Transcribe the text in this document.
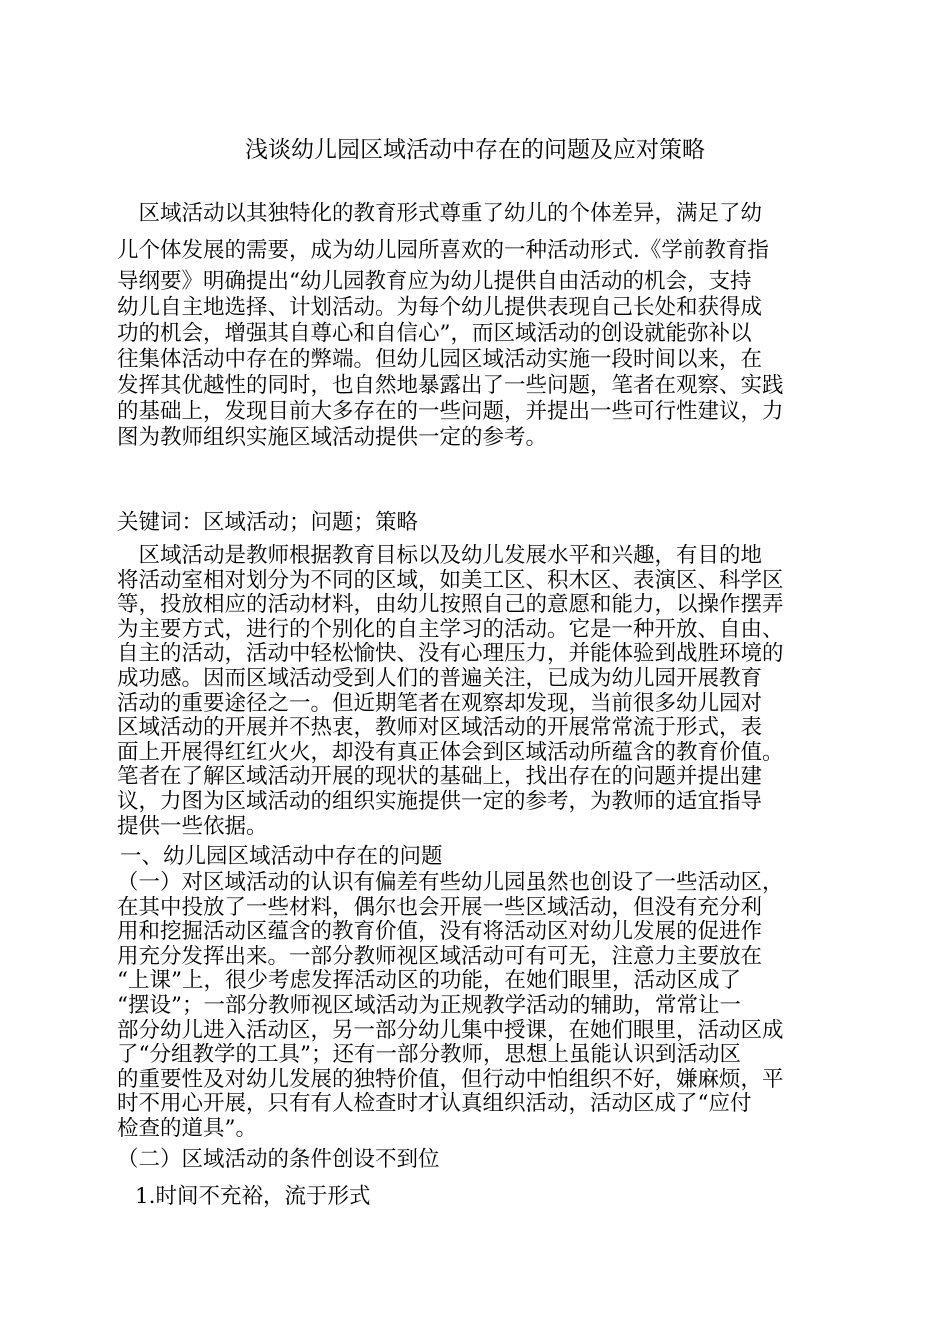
浅谈幼儿园区域活动中存在的问题及应对策略
　区域活动以其独特化的教育形式尊重了幼儿的个体差异，满足了幼
儿个体发展的需要，成为幼儿园所喜欢的一种活动形式.《学前教育指
导纲要》明确提出“幼儿园教育应为幼儿提供自由活动的机会，支持
幼儿自主地选择、计划活动。为每个幼儿提供表现自己长处和获得成
功的机会，增强其自尊心和自信心”，而区域活动的创设就能弥补以
往集体活动中存在的弊端。但幼儿园区域活动实施一段时间以来，在
发挥其优越性的同时，也自然地暴露出了一些问题，笔者在观察、实践
的基础上，发现目前大多存在的一些问题，并提出一些可行性建议，力
图为教师组织实施区域活动提供一定的参考。
关键词：区域活动；问题；策略
　区域活动是教师根据教育目标以及幼儿发展水平和兴趣，有目的地
将活动室相对划分为不同的区域，如美工区、积木区、表演区、科学区
等，投放相应的活动材料，由幼儿按照自己的意愿和能力，以操作摆弄
为主要方式，进行的个别化的自主学习的活动。它是一种开放、自由、
自主的活动，活动中轻松愉快、没有心理压力，并能体验到战胜环境的
成功感。因而区域活动受到人们的普遍关注，已成为幼儿园开展教育
活动的重要途径之一。但近期笔者在观察却发现，当前很多幼儿园对
区域活动的开展并不热衷，教师对区域活动的开展常常流于形式，表
面上开展得红红火火，却没有真正体会到区域活动所蕴含的教育价值。
笔者在了解区域活动开展的现状的基础上，找出存在的问题并提出建
议，力图为区域活动的组织实施提供一定的参考，为教师的适宜指导
提供一些依据。
一、幼儿园区域活动中存在的问题
（一）对区域活动的认识有偏差有些幼儿园虽然也创设了一些活动区，
在其中投放了一些材料，偶尔也会开展一些区域活动，但没有充分利
用和挖掘活动区蕴含的教育价值，没有将活动区对幼儿发展的促进作
用充分发挥出来。一部分教师视区域活动可有可无，注意力主要放在
“上课”上，很少考虑发挥活动区的功能，在她们眼里，活动区成了
“摆设”；一部分教师视区域活动为正规教学活动的辅助，常常让一
部分幼儿进入活动区，另一部分幼儿集中授课，在她们眼里，活动区成
了“分组教学的工具”；还有一部分教师，思想上虽能认识到活动区
的重要性及对幼儿发展的独特价值，但行动中怕组织不好，嫌麻烦，平
时不用心开展，只有有人检查时才认真组织活动，活动区成了“应付
检查的道具”。
（二）区域活动的条件创设不到位
1.时间不充裕，流于形式
